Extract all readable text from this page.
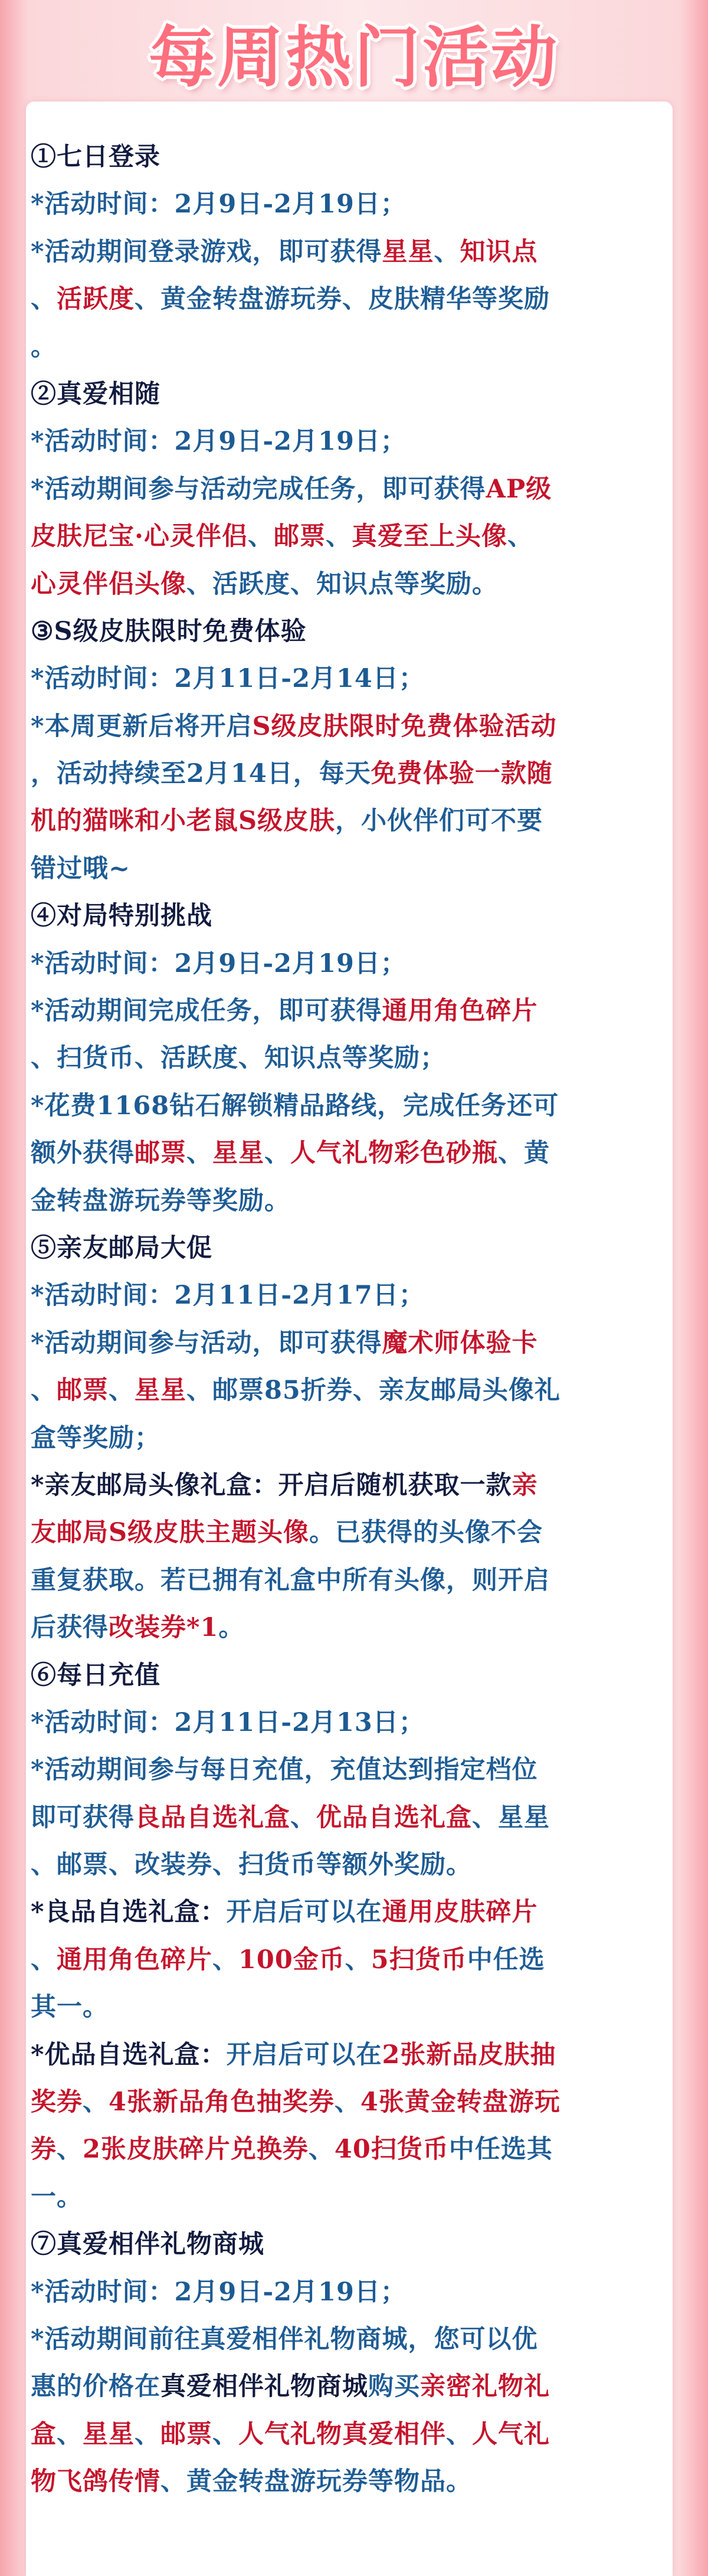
每周热门活动
①七日登录
*活动时间：2月9日-2月19日；
*活动期间登录游戏，即可获得星星、知识点
、活跃度、黄金转盘游玩券、皮肤精华等奖励
。
②真爱相随
*活动时间：2月9日-2月19日；
*活动期间参与活动完成任务，即可获得AP级
皮肤尼宝·心灵伴侣、邮票、真爱至上头像、
心灵伴侣头像、活跃度、知识点等奖励。
③S级皮肤限时免费体验
*活动时间：2月11日-2月14日；
*本周更新后将开启S级皮肤限时免费体验活动
，活动持续至2月14日，每天免费体验一款随
机的猫咪和小老鼠S级皮肤，小伙伴们可不要
错过哦~
④对局特别挑战
*活动时间：2月9日-2月19日；
*活动期间完成任务，即可获得通用角色碎片
、扫货币、活跃度、知识点等奖励；
*花费1168钻石解锁精品路线，完成任务还可
额外获得邮票、星星、人气礼物彩色砂瓶、黄
金转盘游玩券等奖励。
⑤亲友邮局大促
*活动时间：2月11日-2月17日；
*活动期间参与活动，即可获得魔术师体验卡
、邮票、星星、邮票85折券、亲友邮局头像礼
盒等奖励；
*亲友邮局头像礼盒：开启后随机获取一款亲
友邮局S级皮肤主题头像。已获得的头像不会
重复获取。若已拥有礼盒中所有头像，则开启
后获得改装券*1。
⑥每日充值
*活动时间：2月11日-2月13日；
*活动期间参与每日充值，充值达到指定档位
即可获得良品自选礼盒、优品自选礼盒、星星
、邮票、改装券、扫货币等额外奖励。
*良品自选礼盒：开启后可以在通用皮肤碎片
、通用角色碎片、100金币、5扫货币中任选
其一。
*优品自选礼盒：开启后可以在2张新品皮肤抽
奖券、4张新品角色抽奖券、4张黄金转盘游玩
券、2张皮肤碎片兑换券、40扫货币中任选其
一。
⑦真爱相伴礼物商城
*活动时间：2月9日-2月19日；
*活动期间前往真爱相伴礼物商城，您可以优
惠的价格在真爱相伴礼物商城购买亲密礼物礼
盒、星星、邮票、人气礼物真爱相伴、人气礼
物飞鸽传情、黄金转盘游玩券等物品。
